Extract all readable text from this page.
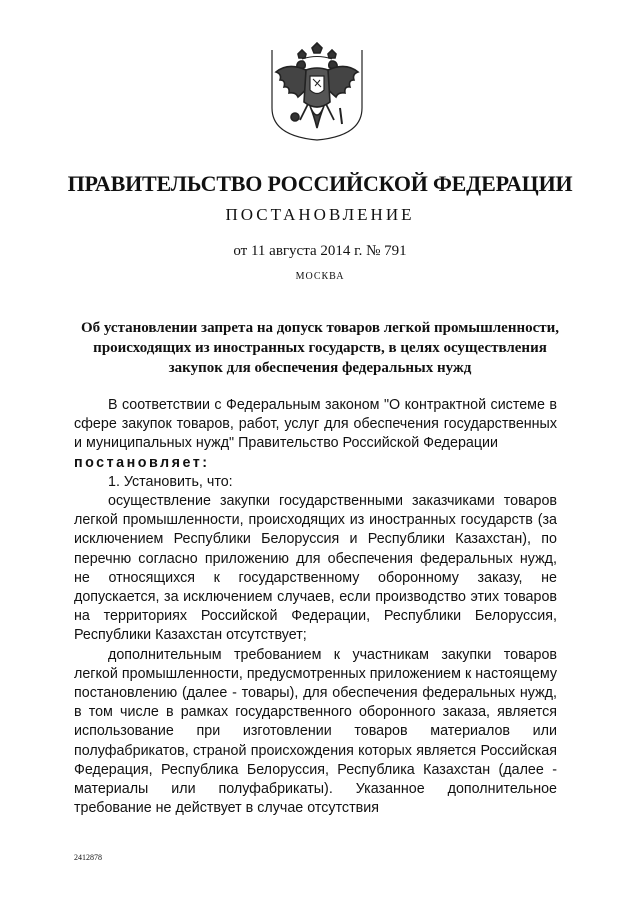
ПРАВИТЕЛЬСТВО РОССИЙСКОЙ ФЕДЕРАЦИИ
ПОСТАНОВЛЕНИЕ
от 11 августа 2014 г. № 791
МОСКВА
Об установлении запрета на допуск товаров легкой промышленности, происходящих из иностранных государств, в целях осуществления закупок для обеспечения федеральных нужд

В соответствии с Федеральным законом "О контрактной системе в сфере закупок товаров, работ, услуг для обеспечения государственных и муниципальных нужд" Правительство Российской Федерации

постановляет:

1. Установить, что:

осуществление закупки государственными заказчиками товаров легкой промышленности, происходящих из иностранных государств (за исключением Республики Белоруссия и Республики Казахстан), по перечню согласно приложению для обеспечения федеральных нужд, не относящихся к государственному оборонному заказу, не допускается, за исключением случаев, если производство этих товаров на территориях Российской Федерации, Республики Белоруссия, Республики Казахстан отсутствует;

дополнительным требованием к участникам закупки товаров легкой промышленности, предусмотренных приложением к настоящему постановлению (далее - товары), для обеспечения федеральных нужд, в том числе в рамках государственного оборонного заказа, является использование при изготовлении товаров материалов или полуфабрикатов, страной происхождения которых является Российская Федерация, Республика Белоруссия, Республика Казахстан (далее - материалы или полуфабрикаты). Указанное дополнительное требование не действует в случае отсутствия

2412878
